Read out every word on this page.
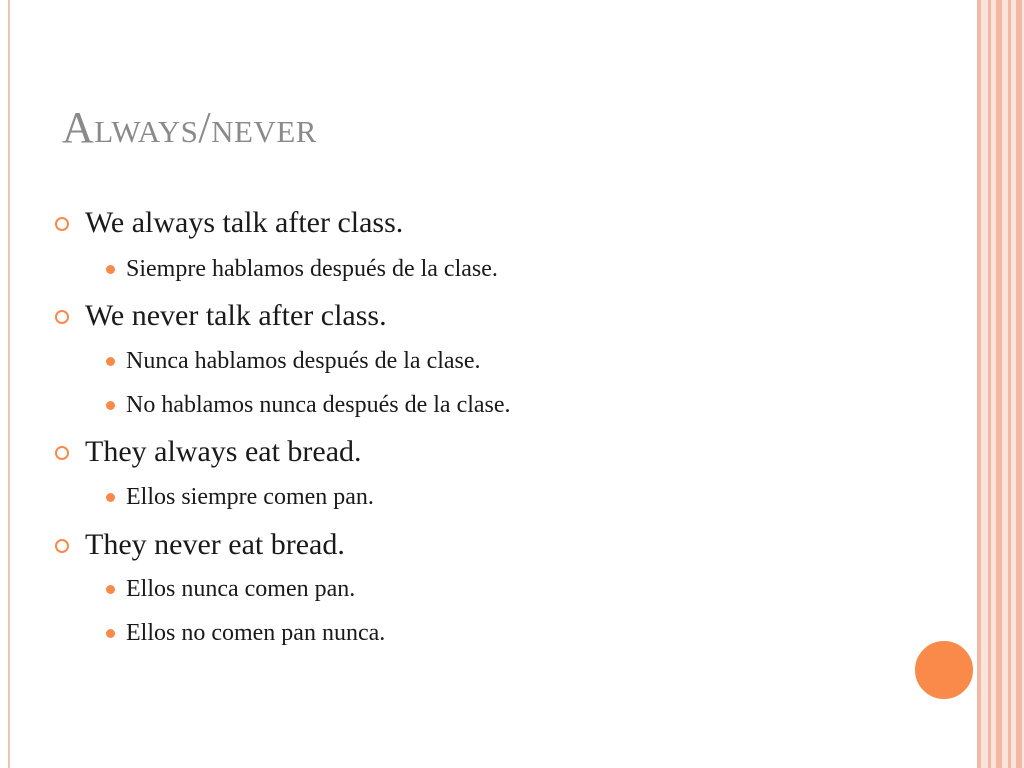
Always/never
We always talk after class.
Siempre hablamos después de la clase.
We never talk after class.
Nunca hablamos después de la clase.
No hablamos nunca después de la clase.
They always eat bread.
Ellos siempre comen pan.
They never eat bread.
Ellos nunca comen pan.
Ellos no comen pan nunca.
